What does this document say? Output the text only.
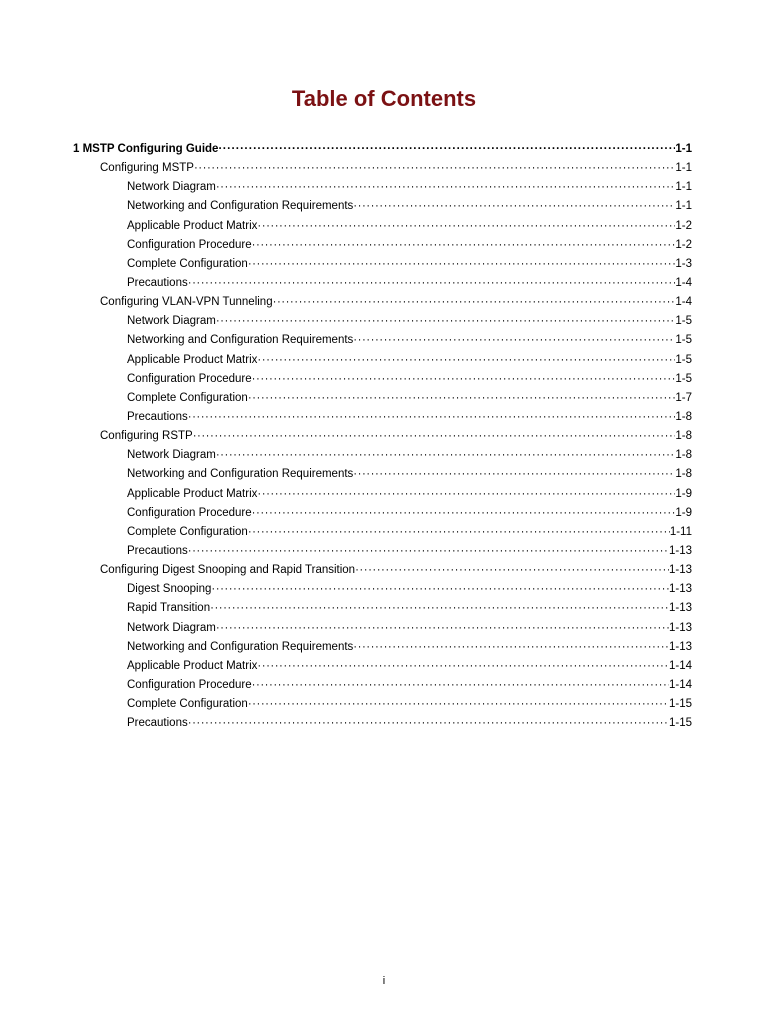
Table of Contents
1 MSTP Configuring Guide ·····	1-1
Configuring MSTP ·····	1-1
Network Diagram ·····	1-1
Networking and Configuration Requirements ·····	1-1
Applicable Product Matrix ·····	1-2
Configuration Procedure ·····	1-2
Complete Configuration ·····	1-3
Precautions ·····	1-4
Configuring VLAN-VPN Tunneling ·····	1-4
Network Diagram ·····	1-5
Networking and Configuration Requirements ·····	1-5
Applicable Product Matrix ·····	1-5
Configuration Procedure ·····	1-5
Complete Configuration ·····	1-7
Precautions ·····	1-8
Configuring RSTP ·····	1-8
Network Diagram ·····	1-8
Networking and Configuration Requirements ·····	1-8
Applicable Product Matrix ·····	1-9
Configuration Procedure ·····	1-9
Complete Configuration ·····	1-11
Precautions ·····	1-13
Configuring Digest Snooping and Rapid Transition ·····	1-13
Digest Snooping ·····	1-13
Rapid Transition ·····	1-13
Network Diagram ·····	1-13
Networking and Configuration Requirements ·····	1-13
Applicable Product Matrix ·····	1-14
Configuration Procedure ·····	1-14
Complete Configuration ·····	1-15
Precautions ·····	1-15
i
